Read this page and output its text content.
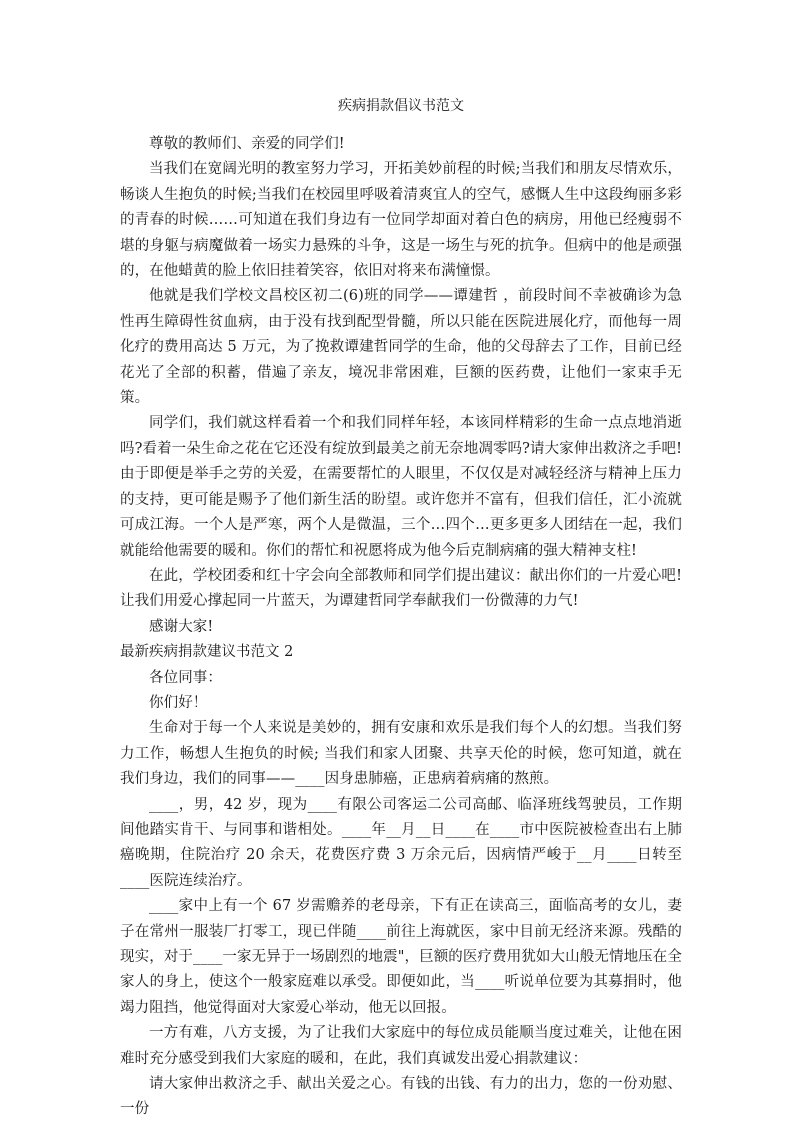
疾病捐款倡议书范文

尊敬的教师们、亲爱的同学们!

当我们在宽阔光明的教室努力学习，开拓美妙前程的时候;当我们和朋友尽情欢乐，畅谈人生抱负的时候;当我们在校园里呼吸着清爽宜人的空气，感慨人生中这段绚丽多彩的青春的时候……可知道在我们身边有一位同学却面对着白色的病房，用他已经瘦弱不堪的身躯与病魔做着一场实力悬殊的斗争，这是一场生与死的抗争。但病中的他是顽强的，在他蜡黄的脸上依旧挂着笑容，依旧对将来布满憧憬。

他就是我们学校文昌校区初二(6)班的同学——谭建哲 ，前段时间不幸被确诊为急性再生障碍性贫血病，由于没有找到配型骨髓，所以只能在医院进展化疗，而他每一周化疗的费用高达 5 万元，为了挽救谭建哲同学的生命，他的父母辞去了工作，目前已经花光了全部的积蓄，借遍了亲友，境况非常困难，巨额的医药费，让他们一家束手无策。

同学们，我们就这样看着一个和我们同样年轻，本该同样精彩的生命一点点地消逝吗?看着一朵生命之花在它还没有绽放到最美之前无奈地凋零吗?请大家伸出救济之手吧!由于即便是举手之劳的关爱，在需要帮忙的人眼里，不仅仅是对减轻经济与精神上压力的支持，更可能是赐予了他们新生活的盼望。或许您并不富有，但我们信任，汇小流就可成江海。一个人是严寒，两个人是微温，三个…四个…更多更多人团结在一起，我们就能给他需要的暖和。你们的帮忙和祝愿将成为他今后克制病痛的强大精神支柱!

在此，学校团委和红十字会向全部教师和同学们提出建议：献出你们的一片爱心吧!让我们用爱心撑起同一片蓝天，为谭建哲同学奉献我们一份微薄的力气!

感谢大家!

最新疾病捐款建议书范文 2

各位同事：

你们好！

生命对于每一个人来说是美妙的，拥有安康和欢乐是我们每个人的幻想。当我们努力工作，畅想人生抱负的时候; 当我们和家人团聚、共享天伦的时候，您可知道，就在我们身边，我们的同事——____因身患肺癌，正患病着病痛的熬煎。

____，男，42 岁，现为____有限公司客运二公司高邮、临泽班线驾驶员，工作期间他踏实肯干、与同事和谐相处。____年__月__日____在____市中医院被检查出右上肺癌晚期，住院治疗 20 余天，花费医疗费 3 万余元后，因病情严峻于__月____日转至____医院连续治疗。

____家中上有一个 67 岁需赡养的老母亲，下有正在读高三，面临高考的女儿，妻子在常州一服装厂打零工，现已伴随____前往上海就医，家中目前无经济来源。残酷的现实，对于____一家无异于一场剧烈的地震"，巨额的医疗费用犹如大山般无情地压在全家人的身上，使这个一般家庭难以承受。即便如此，当____听说单位要为其募捐时，他竭力阻挡，他觉得面对大家爱心举动，他无以回报。

一方有难，八方支援，为了让我们大家庭中的每位成员能顺当度过难关，让他在困难时充分感受到我们大家庭的暖和，在此，我们真诚发出爱心捐款建议：

请大家伸出救济之手、献出关爱之心。有钱的出钱、有力的出力，您的一份劝慰、一份
